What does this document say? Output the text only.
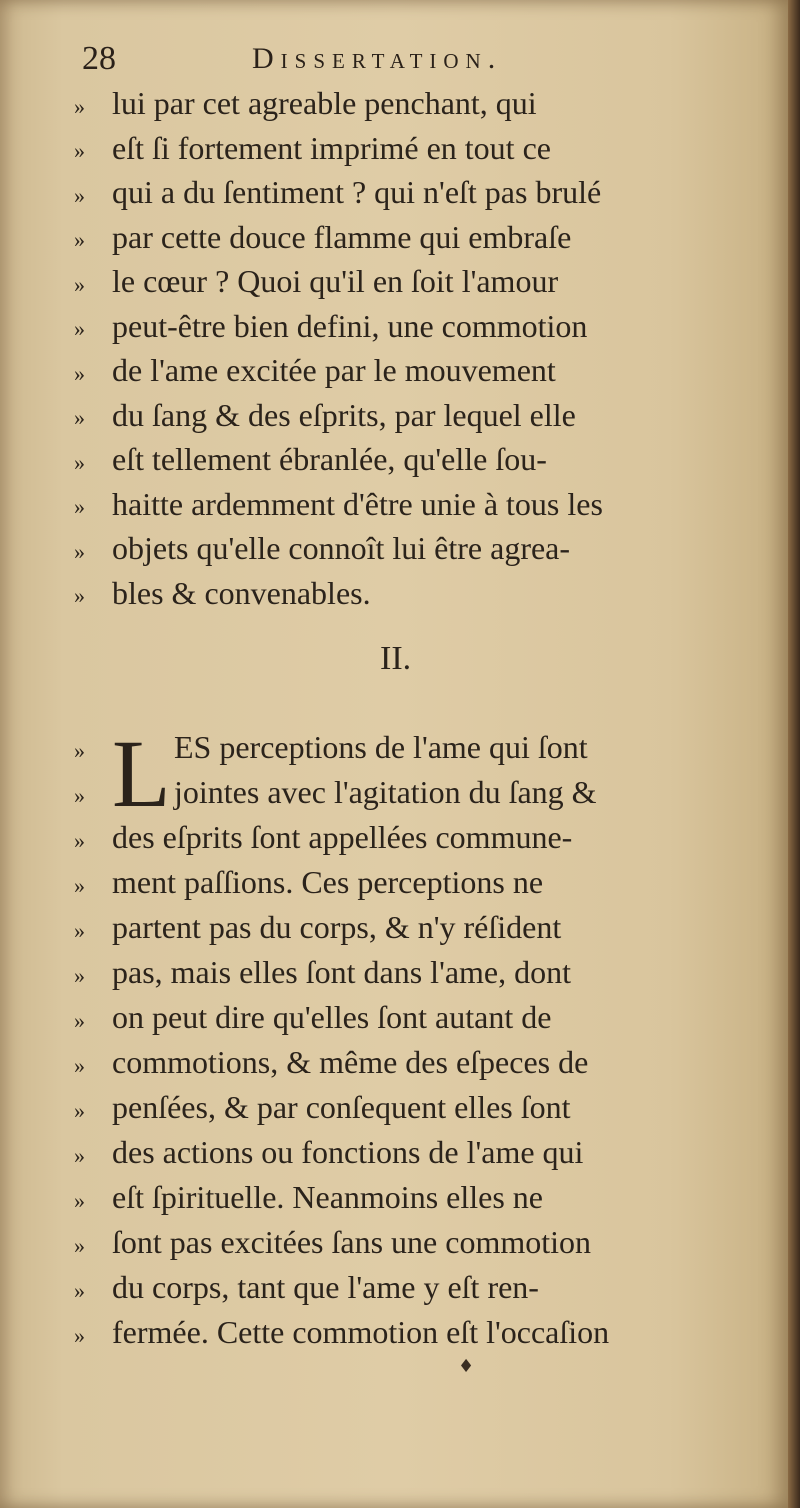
28	Dissertation.
» lui par cet agreable penchant, qui
» eſt ſi fortement imprimé en tout ce
» qui a du ſentiment ? qui n'eſt pas brulé
» par cette douce flamme qui embraſe
» le cœur ? Quoi qu'il en ſoit l'amour
» peut-être bien defini, une commotion
» de l'ame excitée par le mouvement
» du ſang & des eſprits, par lequel elle
» eſt tellement ébranlée, qu'elle ſou-
» haitte ardemment d'être unie à tous les
» objets qu'elle connoît lui être agrea-
» bles & convenables.
II.
L
»	ES perceptions de l'ame qui ſont
»	jointes avec l'agitation du ſang &
» des eſprits ſont appellées commune-
» ment paſſions. Ces perceptions ne
» partent pas du corps, & n'y réſident
» pas, mais elles ſont dans l'ame, dont
» on peut dire qu'elles ſont autant de
» commotions, & même des eſpeces de
» penſées, & par conſequent elles ſont
» des actions ou fonctions de l'ame qui
» eſt ſpirituelle. Neanmoins elles ne
» ſont pas excitées ſans une commotion
» du corps, tant que l'ame y eſt ren-
» fermée. Cette commotion eſt l'occaſion
♦
